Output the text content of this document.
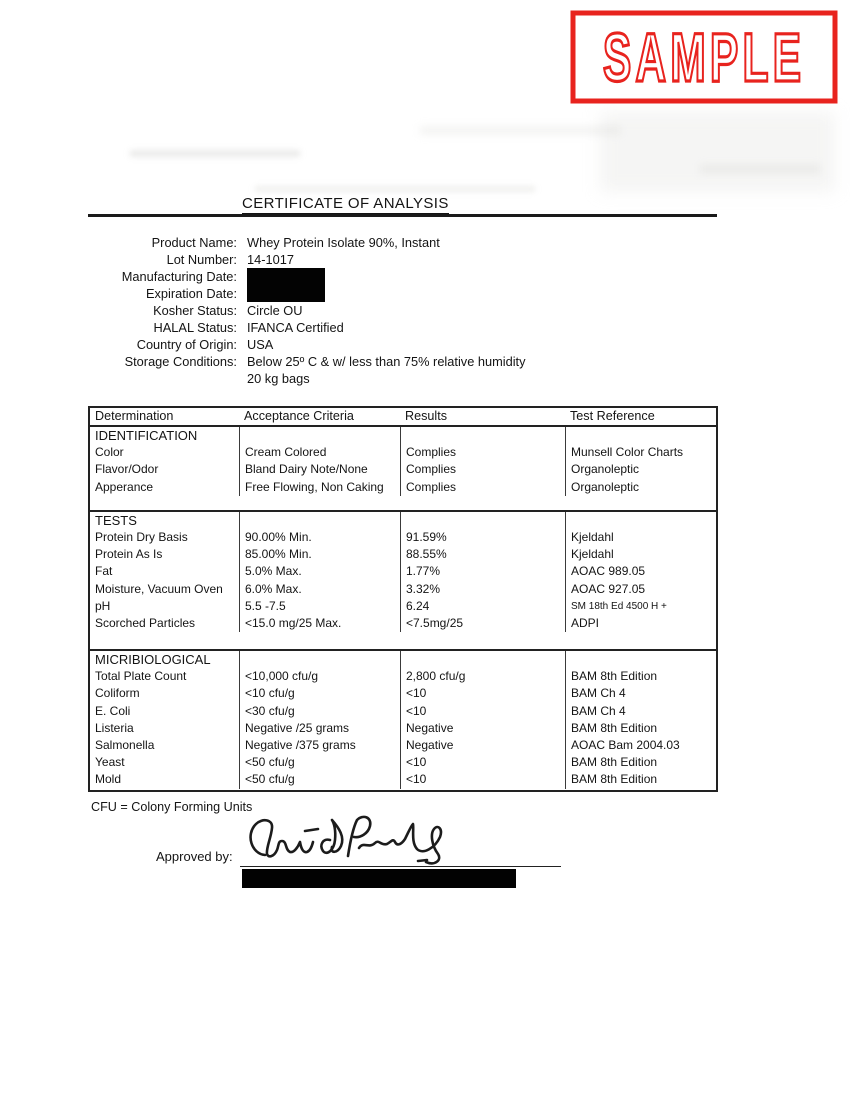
SAMPLE
CERTIFICATE OF ANALYSIS
Product Name: Whey Protein Isolate 90%, Instant
Lot Number: 14-1017
Manufacturing Date:
Expiration Date:
Kosher Status: Circle OU
HALAL Status: IFANCA Certified
Country of Origin: USA
Storage Conditions: Below 25º C & w/ less than 75% relative humidity
20 kg bags
Determination	Acceptance Criteria	Results	Test Reference
IDENTIFICATION
Color	Cream Colored	Complies	Munsell Color Charts
Flavor/Odor	Bland Dairy Note/None	Complies	Organoleptic
Apperance	Free Flowing, Non Caking	Complies	Organoleptic
TESTS
Protein Dry Basis	90.00% Min.	91.59%	Kjeldahl
Protein As Is	85.00% Min.	88.55%	Kjeldahl
Fat	5.0% Max.	1.77%	AOAC 989.05
Moisture, Vacuum Oven	6.0% Max.	3.32%	AOAC 927.05
pH	5.5 -7.5	6.24	SM 18th Ed 4500 H +
Scorched Particles	<15.0 mg/25 Max.	<7.5mg/25	ADPI
MICRIBIOLOGICAL
Total Plate Count	<10,000 cfu/g	2,800 cfu/g	BAM 8th Edition
Coliform	<10 cfu/g	<10	BAM Ch 4
E. Coli	<30 cfu/g	<10	BAM Ch 4
Listeria	Negative /25 grams	Negative	BAM 8th Edition
Salmonella	Negative /375 grams	Negative	AOAC Bam 2004.03
Yeast	<50 cfu/g	<10	BAM 8th Edition
Mold	<50 cfu/g	<10	BAM 8th Edition
CFU = Colony Forming Units
Approved by:
